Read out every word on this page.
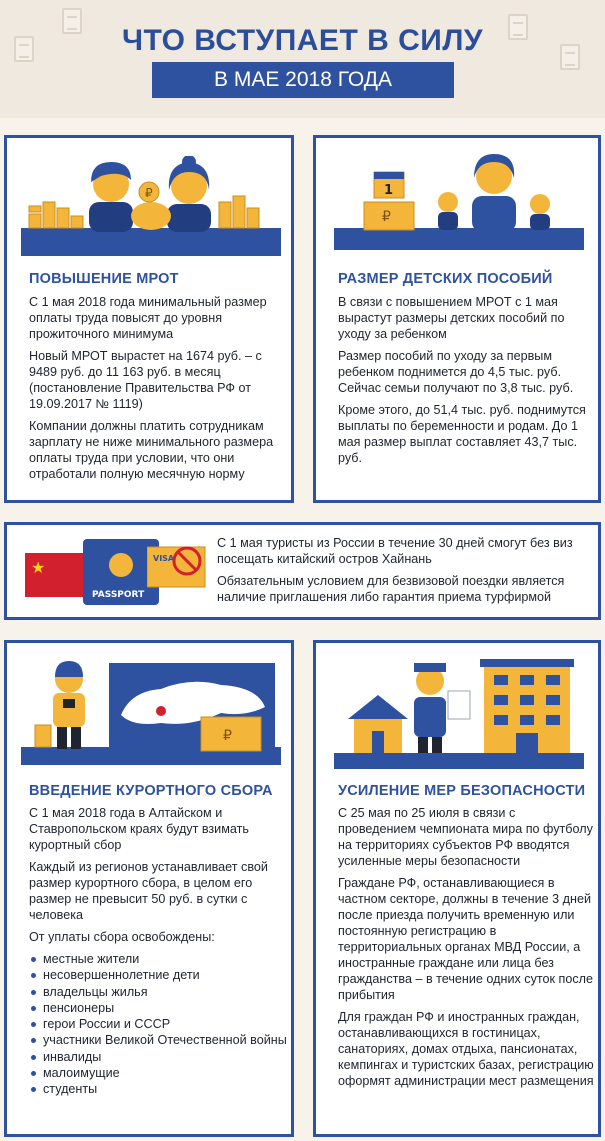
ЧТО ВСТУПАЕТ В СИЛУ
В МАЕ 2018 ГОДА
₽
ПОВЫШЕНИЕ МРОТ

С 1 мая 2018 года минимальный размер оплаты труда повысят до уровня прожиточного минимума

Новый МРОТ вырастет на 1674 руб. – с 9489 руб. до 11 163 руб. в месяц (постановление Правительства РФ от 19.09.2017 № 1119)

Компании должны платить сотрудникам зарплату не ниже минимального размера оплаты труда при условии, что они отработали полную месячную норму

1
₽
РАЗМЕР ДЕТСКИХ ПОСОБИЙ

В связи с повышением МРОТ с 1 мая вырастут размеры детских пособий по уходу за ребенком

Размер пособий по уходу за первым ребенком поднимется до 4,5 тыс. руб. Сейчас семьи получают по 3,8 тыс. руб.

Кроме этого, до 51,4 тыс. руб. поднимутся выплаты по беременности и родам. До 1 мая размер выплат составляет 43,7 тыс. руб.

★
PASSPORT
VISA

С 1 мая туристы из России в течение 30 дней смогут без виз посещать китайский остров Хайнань

Обязательным условием для безвизовой поездки является наличие приглашения либо гарантия приема турфирмой

₽
ВВЕДЕНИЕ КУРОРТНОГО СБОРА

С 1 мая 2018 года в Алтайском и Ставропольском краях будут взимать курортный сбор

Каждый из регионов устанавливает свой размер курортного сбора, в целом его размер не превысит 50 руб. в сутки с человека

От уплаты сбора освобождены:

местные жители
несовершеннолетние дети
владельцы жилья
пенсионеры
герои России и СССР
участники Великой Отечественной войны
инвалиды
малоимущие
студенты
УСИЛЕНИЕ МЕР БЕЗОПАСНОСТИ

С 25 мая по 25 июля в связи с проведением чемпионата мира по футболу на территориях субъектов РФ вводятся усиленные меры безопасности

Граждане РФ, останавливающиеся в частном секторе, должны в течение 3 дней после приезда получить временную или постоянную регистрацию в территориальных органах МВД России, а иностранные граждане или лица без гражданства – в течение одних суток после прибытия

Для граждан РФ и иностранных граждан, останавливающихся в гостиницах, санаториях, домах отдыха, пансионатах, кемпингах и туристских базах, регистрацию оформят администрации мест размещения
